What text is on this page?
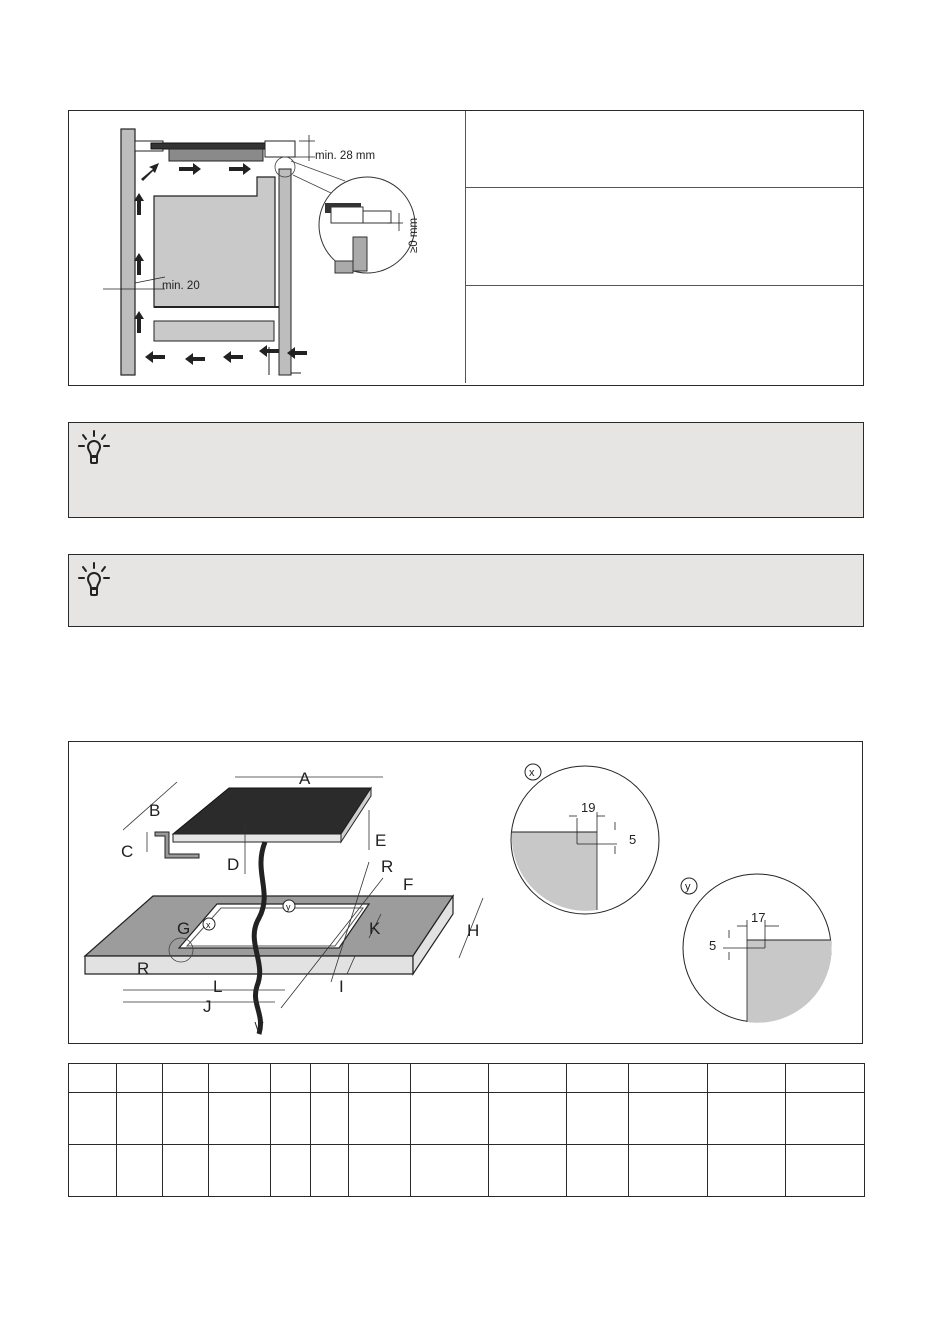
min. 28 mm
min. 20
≥0 mm
A
B
C
D
E
F
G	H
I
J
K
L
R
R
x
y
x
19
5
y
17
5
